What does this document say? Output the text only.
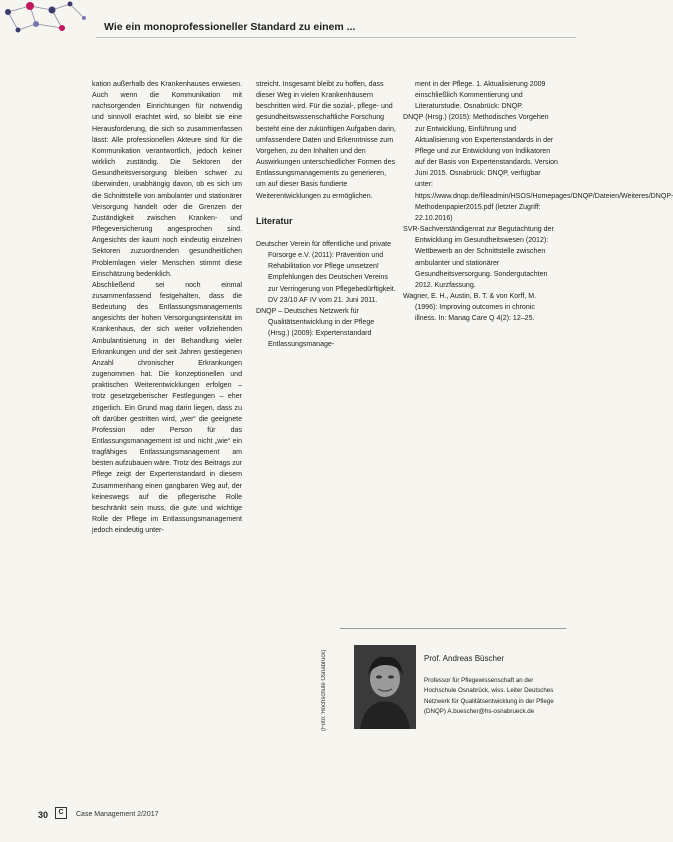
Wie ein monoprofessioneller Standard zu einem ...

kation außerhalb des Krankenhauses erwiesen. Auch wenn die Kommunikation mit nachsorgenden Einrichtungen für notwendig und sinnvoll erachtet wird, so bleibt sie eine Herausforderung, die sich so zusammenfassen lässt: Alle professionellen Akteure sind für die Kommunikation verantwortlich, jedoch keiner wirklich zuständig. Die Sektoren der Gesundheitsversorgung bleiben schwer zu überwinden, unabhängig davon, ob es sich um die Schnittstelle von ambulanter und stationärer Versorgung handelt oder die Grenzen der Zuständigkeit zwischen Kranken- und Pflegeversicherung angesprochen sind. Angesichts der kaum noch eindeutig einzelnen Sektoren zuzuordnenden gesundheitlichen Problemlagen vieler Menschen stimmt diese Einschätzung bedenklich.

Abschließend sei noch einmal zusammenfassend festgehalten, dass die Bedeutung des Entlassungsmanagements angesichts der hohen Versorgungsintensität im Krankenhaus, der sich weiter vollziehenden Ambulantisierung in der Behandlung vieler Erkrankungen und der seit Jahren gestiegenen Anzahl chronischer Erkrankungen zugenommen hat. Die konzeptionellen und praktischen Weiterentwicklungen erfolgen – trotz gesetzgeberischer Festlegungen – eher zögerlich. Ein Grund mag darin liegen, dass zu oft darüber gestritten wird, „wer“ die geeignete Profession oder Person für das Entlassungsmanagement ist und nicht „wie“ ein tragfähiges Entlassungsmanagement am besten aufzubauen wäre. Trotz des Beitrags zur Pflege zeigt der Expertenstandard in diesem Zusammenhang einen gangbaren Weg auf, der keineswegs auf die pflegerische Rolle beschränkt sein muss, die gute und wichtige Rolle der Pflege im Entlassungsmanagement jedoch eindeutig unter-

streicht. Insgesamt bleibt zu hoffen, dass dieser Weg in vielen Krankenhäusern beschritten wird. Für die sozial-, pflege- und gesundheitswissenschaftliche Forschung besteht eine der zukünftigen Aufgaben darin, umfassendere Daten und Erkenntnisse zum Vorgehen, zu den Inhalten und den Auswirkungen unterschiedlicher Formen des Entlassungsmanagements zu generieren, um auf dieser Basis fundierte Weiterentwicklungen zu ermöglichen.

Literatur

Deutscher Verein für öffentliche und private Fürsorge e.V. (2011): Prävention und Rehabilitation vor Pflege umsetzen! Empfehlungen des Deutschen Vereins zur Verringerung von Pflegebedürftigkeit. DV 23/10 AF IV vom 21. Juni 2011.

DNQP – Deutsches Netzwerk für Qualitätsentwicklung in der Pflege (Hrsg.) (2009): Expertenstandard Entlassungsmanage-

ment in der Pflege. 1. Aktualisierung 2009 einschließlich Kommentierung und Literaturstudie. Osnabrück: DNQP.

DNQP (Hrsg.) (2015): Methodisches Vorgehen zur Entwicklung, Einführung und Aktualisierung von Expertenstandards in der Pflege und zur Entwicklung von Indikatoren auf der Basis von Expertenstandards. Version Juni 2015. Osnabrück: DNQP, verfügbar unter: https://www.dnqp.de/fileadmin/HSOS/Homepages/DNQP/Dateien/Weiteres/DNQP-Methodenpapier2015.pdf (letzter Zugriff: 22.10.2016)

SVR-Sachverständigenrat zur Begutachtung der Entwicklung im Gesundheitswesen (2012): Wettbewerb an der Schnittstelle zwischen ambulanter und stationärer Gesundheitsversorgung. Sondergutachten 2012. Kurzfassung.

Wagner, E. H., Austin, B. T. & von Korff, M. (1996): Improving outcomes in chronic illness. In: Manag Care Q 4(2): 12–25.

(Foto: Hochschule Osnabrück)	Prof. Andreas Büscher

Professor für Pflegewissenschaft an der Hochschule Osnabrück, wiss. Leiter Deutsches Netzwerk für Qualitätsentwicklung in der Pflege (DNQP) A.buescher@hs-osnabrueck.de

30	C	Case Management 2/2017
